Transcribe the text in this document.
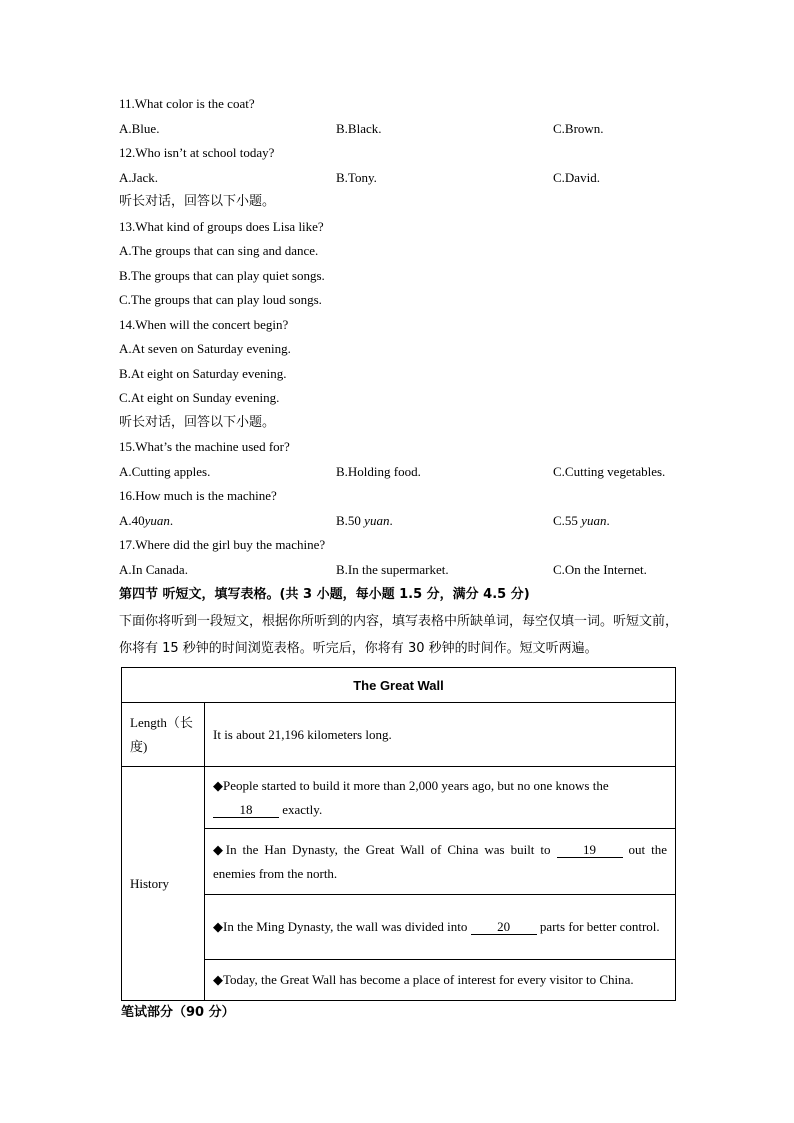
11.What color is the coat?
A.Blue.	B.Black.	C.Brown.
12.Who isn’t at school today?
A.Jack.	B.Tony.	C.David.
听长对话，回答以下小题。
13.What kind of groups does Lisa like?
A.The groups that can sing and dance.
B.The groups that can play quiet songs.
C.The groups that can play loud songs.
14.When will the concert begin?
A.At seven on Saturday evening.
B.At eight on Saturday evening.
C.At eight on Sunday evening.
听长对话，回答以下小题。
15.What’s the machine used for?
A.Cutting apples.	B.Holding food.	C.Cutting vegetables.
16.How much is the machine?
A.40yuan.	B.50 yuan.	C.55 yuan.
17.Where did the girl buy the machine?
A.In Canada.	B.In the supermarket.	C.On the Internet.
第四节 听短文，填写表格。(共 3 小题，每小题 1.5 分，满分 4.5 分)
下面你将听到一段短文，根据你所听到的内容，填写表格中所缺单词，每空仅填一词。听短文前，你将有 15 秒钟的时间浏览表格。听完后，你将有 30 秒钟的时间作。短文听两遍。
The Great Wall	
Length（长度)	It is about 21,196 kilometers long.
History	◆People started to build it more than 2,000 years ago, but no one knows the
18 exactly.
	◆In the Han Dynasty, the Great Wall of China was built to 19 out the enemies from the north.
	◆In the Ming Dynasty, the wall was divided into 20 parts for better control.
	◆Today, the Great Wall has become a place of interest for every visitor to China.
笔试部分（90 分）
